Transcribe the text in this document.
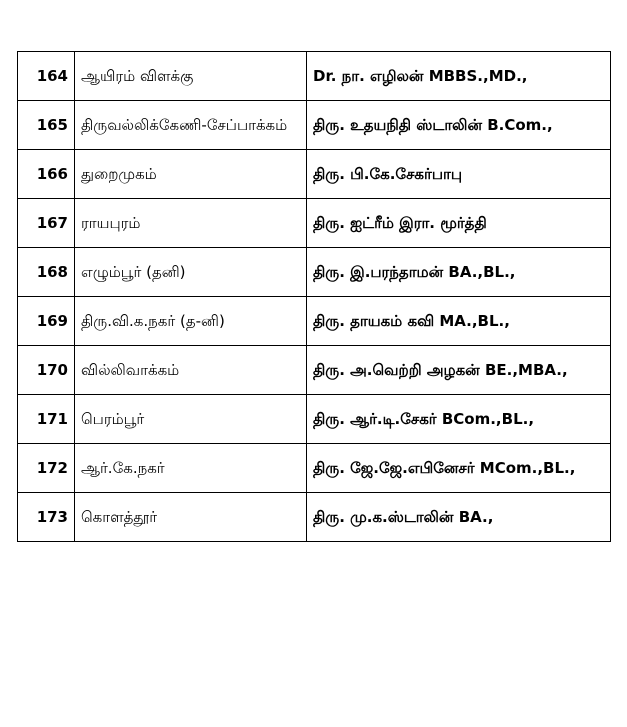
164	ஆயிரம் விளக்கு	Dr. நா. எழிலன் MBBS.,MD.,
165	திருவல்லிக்கேணி-சேப்பாக்கம்	திரு. உதயநிதி ஸ்டாலின் B.Com.,
166	துறைமுகம்	திரு. பி.கே.சேகர்பாபு
167	ராயபுரம்	திரு. ஐட்ரீம் இரா. மூர்த்தி
168	எழும்பூர் (தனி)	திரு. இ.பரந்தாமன் BA.,BL.,
169	திரு.வி.க.நகர் (த-னி)	திரு. தாயகம் கவி MA.,BL.,
170	வில்லிவாக்கம்	திரு. அ.வெற்றி அழகன் BE.,MBA.,
171	பெரம்பூர்	திரு. ஆர்.டி.சேகர் BCom.,BL.,
172	ஆர்.கே.நகர்	திரு. ஜே.ஜே.எபினேசர் MCom.,BL.,
173	கொளத்தூர்	திரு. மு.க.ஸ்டாலின் BA.,
